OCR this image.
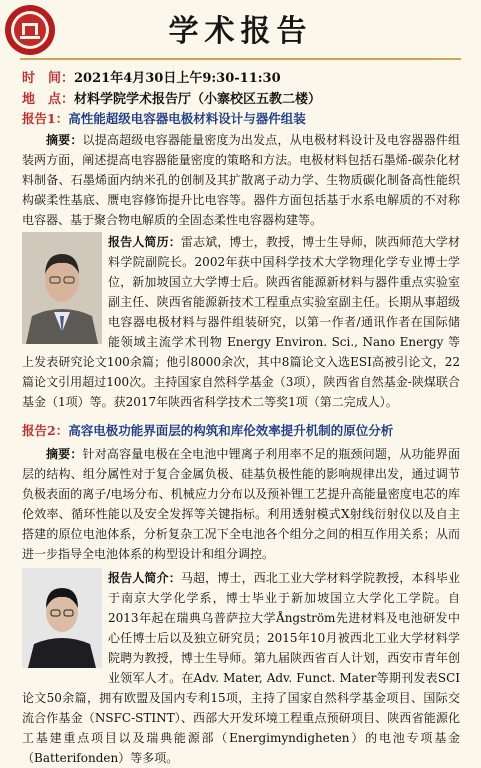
学术报告
时　间：2021年4月30日上午9:30-11:30
地　点：材料学院学术报告厅（小寨校区五教二楼）
报告1：高性能超级电容器电极材料设计与器件组装
摘要：以提高超级电容器能量密度为出发点，从电极材料设计及电容器器件组装两方面，阐述提高电容器能量密度的策略和方法。电极材料包括石墨烯-碳杂化材料制备、石墨烯面内纳米孔的创制及其扩散离子动力学、生物质碳化制备高性能织构碳柔性基底、赝电容修饰提升比电容等。器件方面包括基于水系电解质的不对称电容器、基于聚合物电解质的全固态柔性电容器构建等。
报告人简历：雷志斌，博士，教授，博士生导师，陕西师范大学材料学院副院长。2002年获中国科学技术大学物理化学专业博士学位，新加坡国立大学博士后。陕西省能源新材料与器件重点实验室副主任、陕西省能源新技术工程重点实验室副主任。长期从事超级电容器电极材料与器件组装研究，以第一作者/通讯作者在国际储能领域主流学术刊物 Energy Environ. Sci., Nano Energy 等上发表研究论文100余篇；他引8000余次，其中8篇论文入选ESI高被引论文，22篇论文引用超过100次。主持国家自然科学基金（3项），陕西省自然基金-陕煤联合基金（1项）等。获2017年陕西省科学技术二等奖1项（第二完成人）。
报告2：高容电极功能界面层的构筑和库伦效率提升机制的原位分析
摘要：针对高容量电极在全电池中锂离子利用率不足的瓶颈问题，从功能界面层的结构、组分属性对于复合金属负极、硅基负极性能的影响规律出发，通过调节负极表面的离子/电场分布、机械应力分布以及预补锂工艺提升高能量密度电芯的库伦效率、循环性能以及安全发挥等关键指标。利用透射模式X射线衍射仪以及自主搭建的原位电池体系，分析复杂工况下全电池各个组分之间的相互作用关系；从而进一步指导全电池体系的构型设计和组分调控。
报告人简介：马超，博士，西北工业大学材料学院教授，本科毕业于南京大学化学系，博士毕业于新加坡国立大学化工学院。自2013年起在瑞典乌普萨拉大学Ångström先进材料及电池研发中心任博士后以及独立研究员；2015年10月被西北工业大学材料学院聘为教授，博士生导师。第九届陕西省百人计划，西安市青年创业领军人才。在Adv. Mater, Adv. Funct. Mater等期刊发表SCI论文50余篇，拥有欧盟及国内专利15项，主持了国家自然科学基金项目、国际交流合作基金（NSFC-STINT）、西部大开发环境工程重点预研项目、陕西省能源化工基建重点项目以及瑞典能源部（Energimyndigheten）的电池专项基金（Batterifonden）等多项。
